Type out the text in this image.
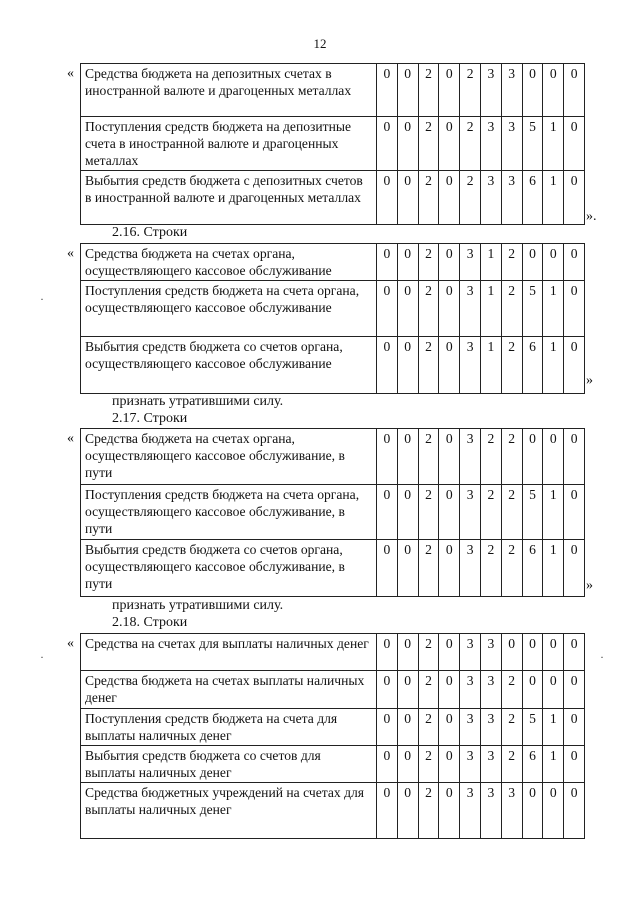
12
« Средства бюджета на депозитных счетах в иностранной валюте и драгоценных металлах	0	0	2	0	2	3	3	0	0	0
Поступления средств бюджета на депозитные счета в иностранной валюте и драгоценных металлах	0	0	2	0	2	3	3	5	1	0
Выбытия средств бюджета с депозитных счетов в иностранной валюте и драгоценных металлах	0	0	2	0	2	3	3	6	1	0
».
2.16. Строки
« Средства бюджета на счетах органа, осуществляющего кассовое обслуживание	0	0	2	0	3	1	2	0	0	0
Поступления средств бюджета на счета органа, осуществляющего кассовое обслуживание	0	0	2	0	3	1	2	5	1	0
Выбытия средств бюджета со счетов органа, осуществляющего кассовое обслуживание	0	0	2	0	3	1	2	6	1	0
»
признать утратившими силу.
2.17. Строки
« Средства бюджета на счетах органа, осуществляющего кассовое обслуживание, в пути	0	0	2	0	3	2	2	0	0	0
Поступления средств бюджета на счета органа, осуществляющего кассовое обслуживание, в пути	0	0	2	0	3	2	2	5	1	0
Выбытия средств бюджета со счетов органа, осуществляющего кассовое обслуживание, в пути	0	0	2	0	3	2	2	6	1	0
»
признать утратившими силу.
2.18. Строки
« Средства на счетах для выплаты наличных денег	0	0	2	0	3	3	0	0	0	0
Средства бюджета на счетах выплаты наличных денег	0	0	2	0	3	3	2	0	0	0
Поступления средств бюджета на счета для выплаты наличных денег	0	0	2	0	3	3	2	5	1	0
Выбытия средств бюджета со счетов для выплаты наличных денег	0	0	2	0	3	3	2	6	1	0
Средства бюджетных учреждений на счетах для выплаты наличных денег	0	0	2	0	3	3	3	0	0	0
·
·	·
